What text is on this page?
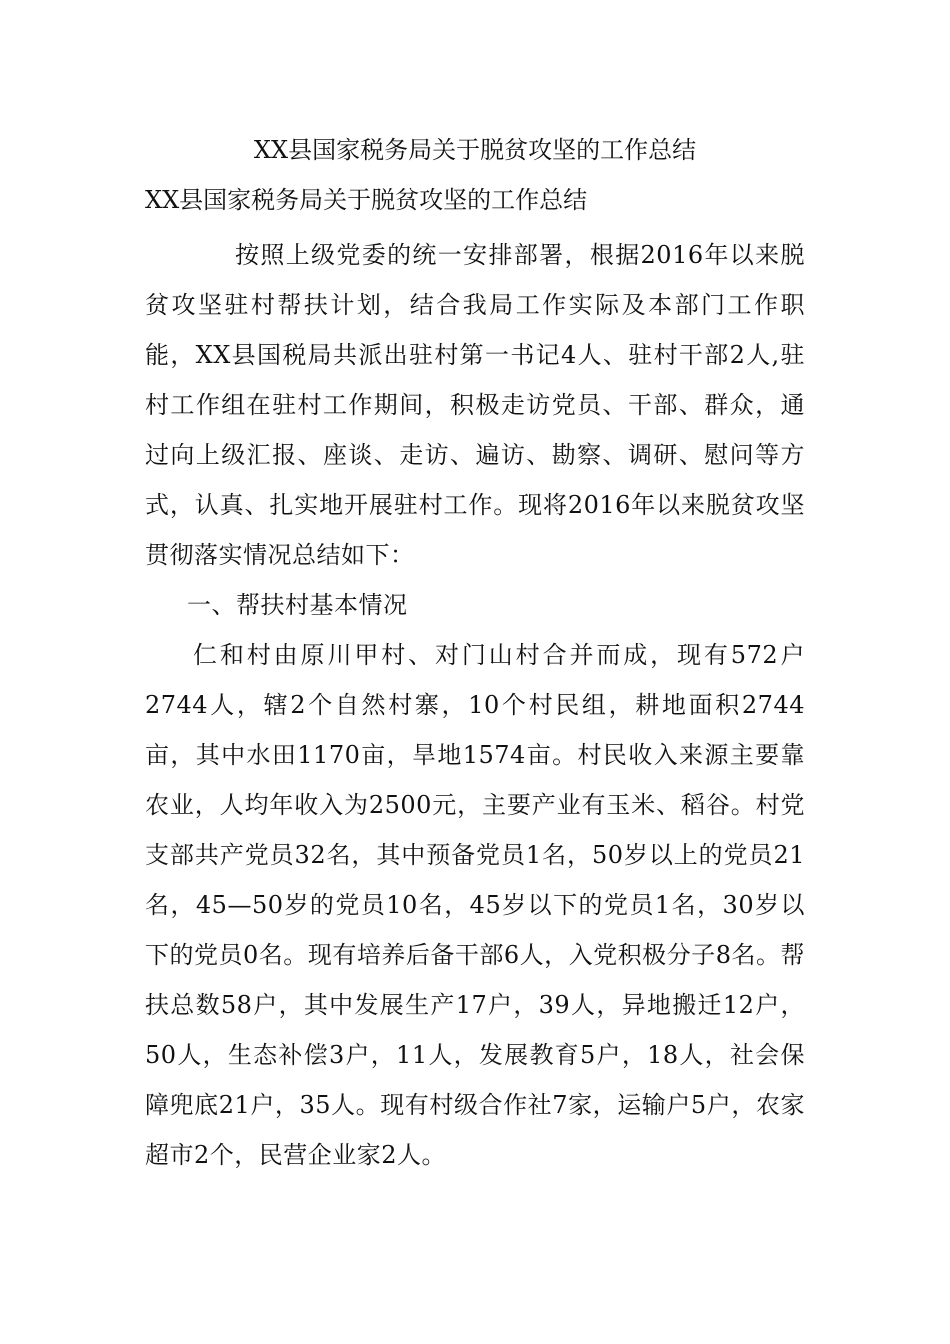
XX县国家税务局关于脱贫攻坚的工作总结
XX县国家税务局关于脱贫攻坚的工作总结

按照上级党委的统一安排部署，根据2016年以来脱贫攻坚驻村帮扶计划，结合我局工作实际及本部门工作职能，XX县国税局共派出驻村第一书记4人、驻村干部2人,驻村工作组在驻村工作期间，积极走访党员、干部、群众，通过向上级汇报、座谈、走访、遍访、勘察、调研、慰问等方式，认真、扎实地开展驻村工作。现将2016年以来脱贫攻坚贯彻落实情况总结如下：

一、帮扶村基本情况

仁和村由原川甲村、对门山村合并而成，现有572户2744人，辖2个自然村寨，10个村民组，耕地面积2744亩，其中水田1170亩，旱地1574亩。村民收入来源主要靠农业，人均年收入为2500元，主要产业有玉米、稻谷。村党支部共产党员32名，其中预备党员1名，50岁以上的党员21名，45—50岁的党员10名，45岁以下的党员1名，30岁以下的党员0名。现有培养后备干部6人，入党积极分子8名。帮扶总数58户，其中发展生产17户，39人，异地搬迁12户，50人，生态补偿3户，11人，发展教育5户，18人，社会保障兜底21户，35人。现有村级合作社7家，运输户5户，农家超市2个，民营企业家2人。
